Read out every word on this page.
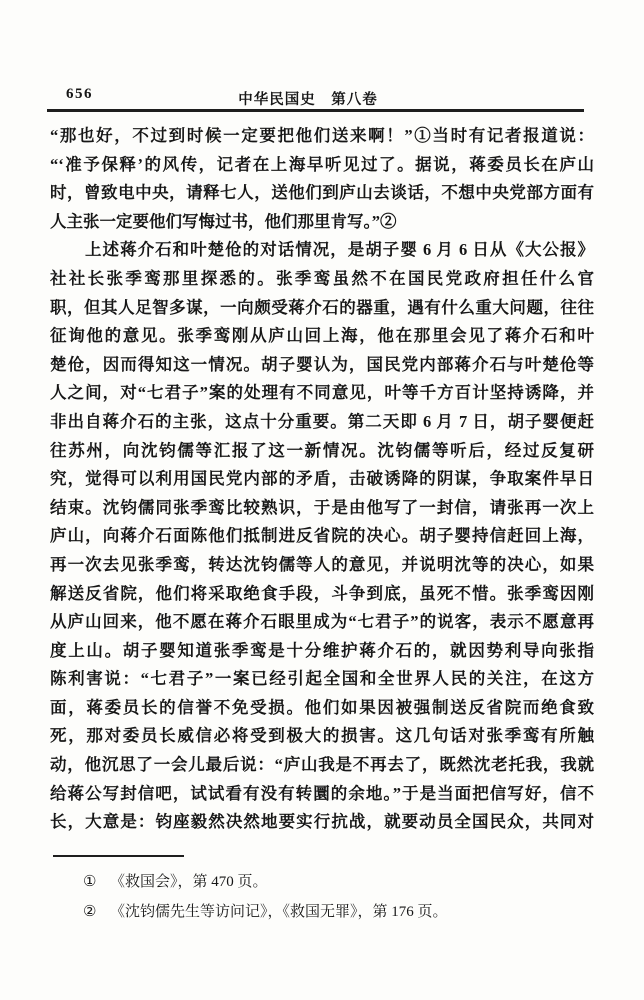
656	中华民国史　第八卷
“那也好，不过到时候一定要把他们送来啊！”①当时有记者报道说：
“‘准予保释’的风传，记者在上海早听见过了。据说，蒋委员长在庐山
时，曾致电中央，请释七人，送他们到庐山去谈话，不想中央党部方面有
人主张一定要他们写悔过书，他们那里肯写。”②
　　上述蒋介石和叶楚伧的对话情况，是胡子婴 6 月 6 日从《大公报》
社社长张季鸾那里探悉的。张季鸾虽然不在国民党政府担任什么官
职，但其人足智多谋，一向颇受蒋介石的器重，遇有什么重大问题，往往
征询他的意见。张季鸾刚从庐山回上海，他在那里会见了蒋介石和叶
楚伧，因而得知这一情况。胡子婴认为，国民党内部蒋介石与叶楚伧等
人之间，对“七君子”案的处理有不同意见，叶等千方百计坚持诱降，并
非出自蒋介石的主张，这点十分重要。第二天即 6 月 7 日，胡子婴便赶
往苏州，向沈钧儒等汇报了这一新情况。沈钧儒等听后，经过反复研
究，觉得可以利用国民党内部的矛盾，击破诱降的阴谋，争取案件早日
结束。沈钧儒同张季鸾比较熟识，于是由他写了一封信，请张再一次上
庐山，向蒋介石面陈他们抵制进反省院的决心。胡子婴持信赶回上海，
再一次去见张季鸾，转达沈钧儒等人的意见，并说明沈等的决心，如果
解送反省院，他们将采取绝食手段，斗争到底，虽死不惜。张季鸾因刚
从庐山回来，他不愿在蒋介石眼里成为“七君子”的说客，表示不愿意再
度上山。胡子婴知道张季鸾是十分维护蒋介石的，就因势利导向张指
陈利害说：“七君子”一案已经引起全国和全世界人民的关注，在这方
面，蒋委员长的信誉不免受损。他们如果因被强制送反省院而绝食致
死，那对委员长威信必将受到极大的损害。这几句话对张季鸾有所触
动，他沉思了一会儿最后说：“庐山我是不再去了，既然沈老托我，我就
给蒋公写封信吧，试试看有没有转圜的余地。”于是当面把信写好，信不
长，大意是：钧座毅然决然地要实行抗战，就要动员全国民众，共同对
① 《救国会》，第 470 页。
② 《沈钧儒先生等访问记》，《救国无罪》，第 176 页。
